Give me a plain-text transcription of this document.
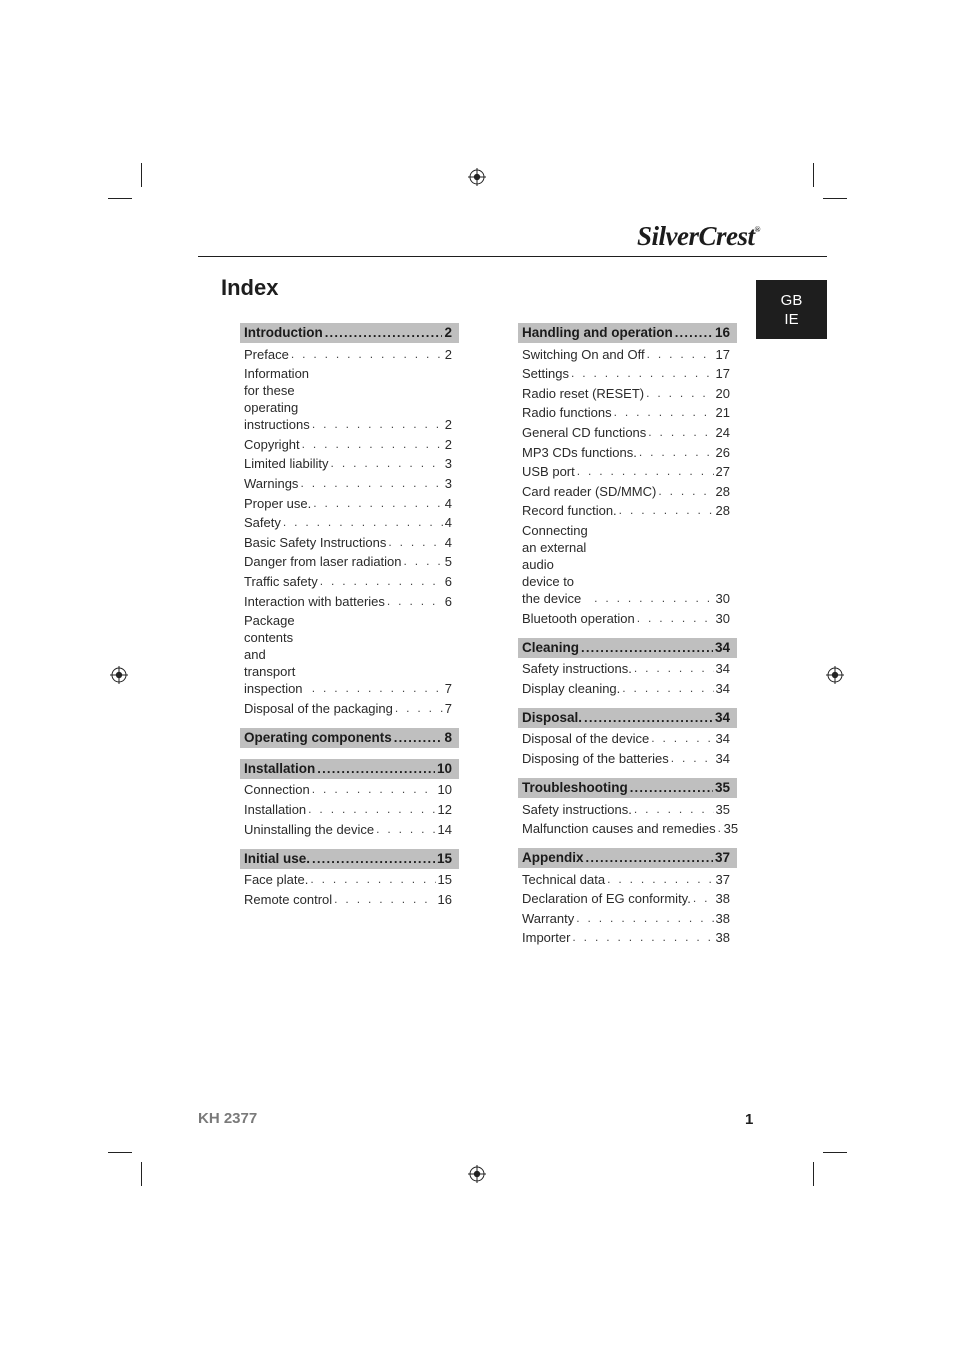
SilverCrest®
GB
IE
Index
Introduction .....	2
Preface . . .	2
Information for these operating instructions . . .	2
Copyright . . .	2
Limited liability . . .	3
Warnings . . .	3
Proper use. . . .	4
Safety . . .	4
Basic Safety Instructions . . .	4
Danger from laser radiation . . .	5
Traffic safety . . .	6
Interaction with batteries . . .	6
Package contents and transport inspection . . .	7
Disposal of the packaging . . .	7
Operating components .....	8
Installation .....	10
Connection . . .	10
Installation . . .	12
Uninstalling the device . . .	14
Initial use. .....	15
Face plate. . . .	15
Remote control . . .	16
Handling and operation .....	16
Switching On and Off . . .	17
Settings . . .	17
Radio reset (RESET) . . .	20
Radio functions . . .	21
General CD functions . . .	24
MP3 CDs functions. . . .	26
USB port . . .	27
Card reader (SD/MMC) . . .	28
Record function. . . .	28
Connecting an external audio device to the device . . .	30
Bluetooth operation . . .	30
Cleaning .....	34
Safety instructions. . . .	34
Display cleaning. . . .	34
Disposal. .....	34
Disposal of the device . . .	34
Disposing of the batteries . . .	34
Troubleshooting .....	35
Safety instructions. . . .	35
Malfunction causes and remedies . . . 35
Appendix .....	37
Technical data . . .	37
Declaration of EG conformity. . . . 38
Warranty . . .	38
Importer . . .	38
KH 2377	1
